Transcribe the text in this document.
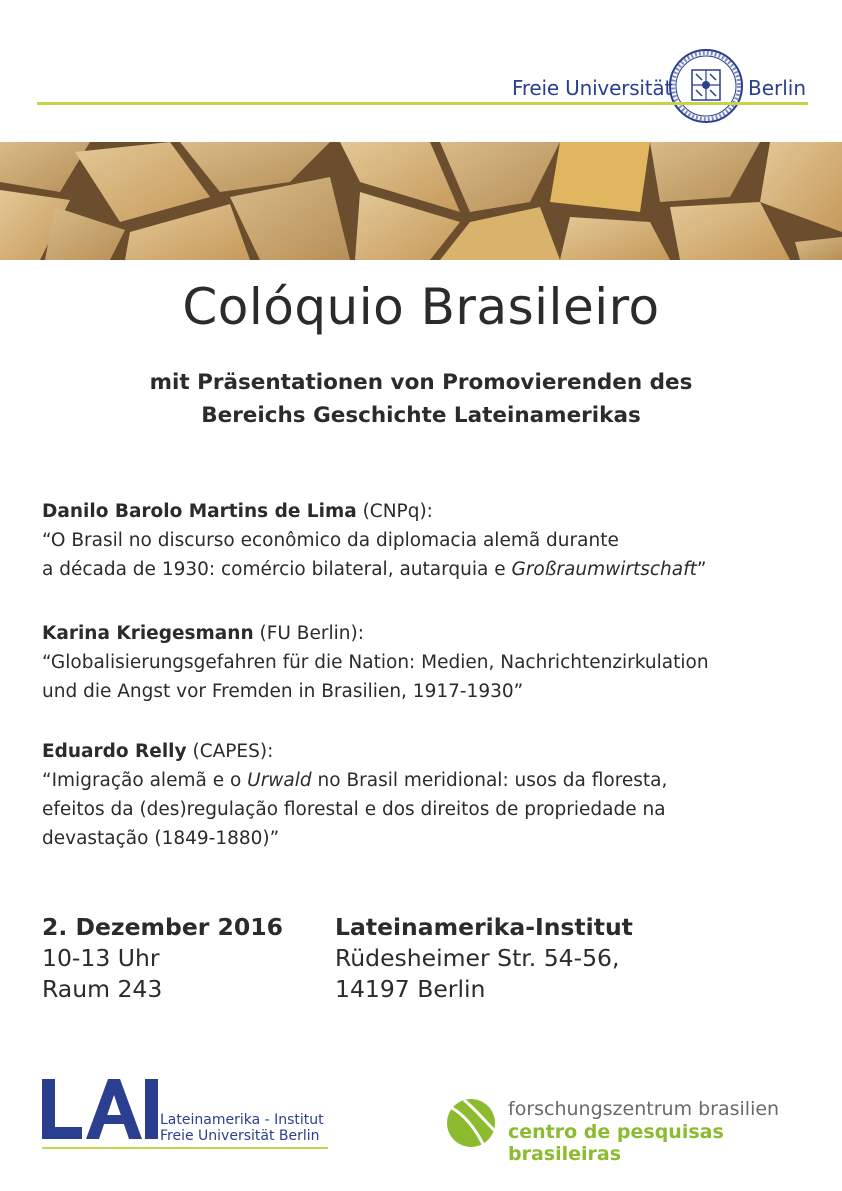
Freie Universität	Berlin
Colóquio Brasileiro
mit Präsentationen von Promovierenden des
Bereichs Geschichte Lateinamerikas
Danilo Barolo Martins de Lima (CNPq):
“O Brasil no discurso econômico da diplomacia alemã durante
a década de 1930: comércio bilateral, autarquia e Großraumwirtschaft”
Karina Kriegesmann (FU Berlin):
“Globalisierungsgefahren für die Nation: Medien, Nachrichtenzirkulation
und die Angst vor Fremden in Brasilien, 1917-1930”
Eduardo Relly (CAPES):
“Imigração alemã e o Urwald no Brasil meridional: usos da floresta,
efeitos da (des)regulação florestal e dos direitos de propriedade na
devastação (1849-1880)”
2. Dezember 2016
10-13 Uhr
Raum 243
Lateinamerika-Institut
Rüdesheimer Str. 54-56,
14197 Berlin
Lateinamerika - Institut
Freie Universität Berlin
forschungszentrum brasilien
centro de pesquisas brasileiras
